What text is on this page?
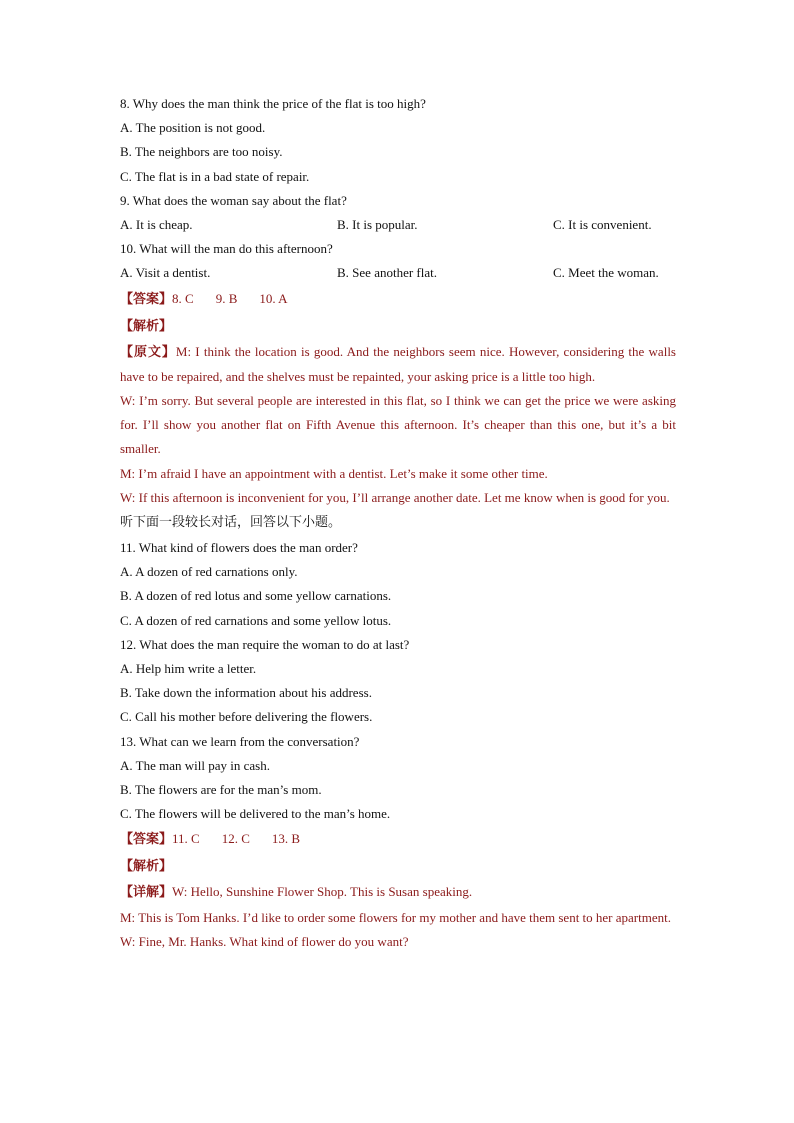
8. Why does the man think the price of the flat is too high?
A. The position is not good.
B. The neighbors are too noisy.
C. The flat is in a bad state of repair.
9. What does the woman say about the flat?
A. It is cheap.	B. It is popular.	C. It is convenient.
10. What will the man do this afternoon?
A. Visit a dentist.	B. See another flat.	C. Meet the woman.
【答案】8. C 9. B 10. A
【解析】
【原文】M: I think the location is good. And the neighbors seem nice. However, considering the walls have to be repaired, and the shelves must be repainted, your asking price is a little too high.
W: I’m sorry. But several people are interested in this flat, so I think we can get the price we were asking for. I’ll show you another flat on Fifth Avenue this afternoon. It’s cheaper than this one, but it’s a bit smaller.
M: I’m afraid I have an appointment with a dentist. Let’s make it some other time.
W: If this afternoon is inconvenient for you, I’ll arrange another date. Let me know when is good for you.
听下面一段较长对话，回答以下小题。
11. What kind of flowers does the man order?
A. A dozen of red carnations only.
B. A dozen of red lotus and some yellow carnations.
C. A dozen of red carnations and some yellow lotus.
12. What does the man require the woman to do at last?
A. Help him write a letter.
B. Take down the information about his address.
C. Call his mother before delivering the flowers.
13. What can we learn from the conversation?
A. The man will pay in cash.
B. The flowers are for the man’s mom.
C. The flowers will be delivered to the man’s home.
【答案】11. C 12. C 13. B
【解析】
【详解】W: Hello, Sunshine Flower Shop. This is Susan speaking.
M: This is Tom Hanks. I’d like to order some flowers for my mother and have them sent to her apartment.
W: Fine, Mr. Hanks. What kind of flower do you want?
